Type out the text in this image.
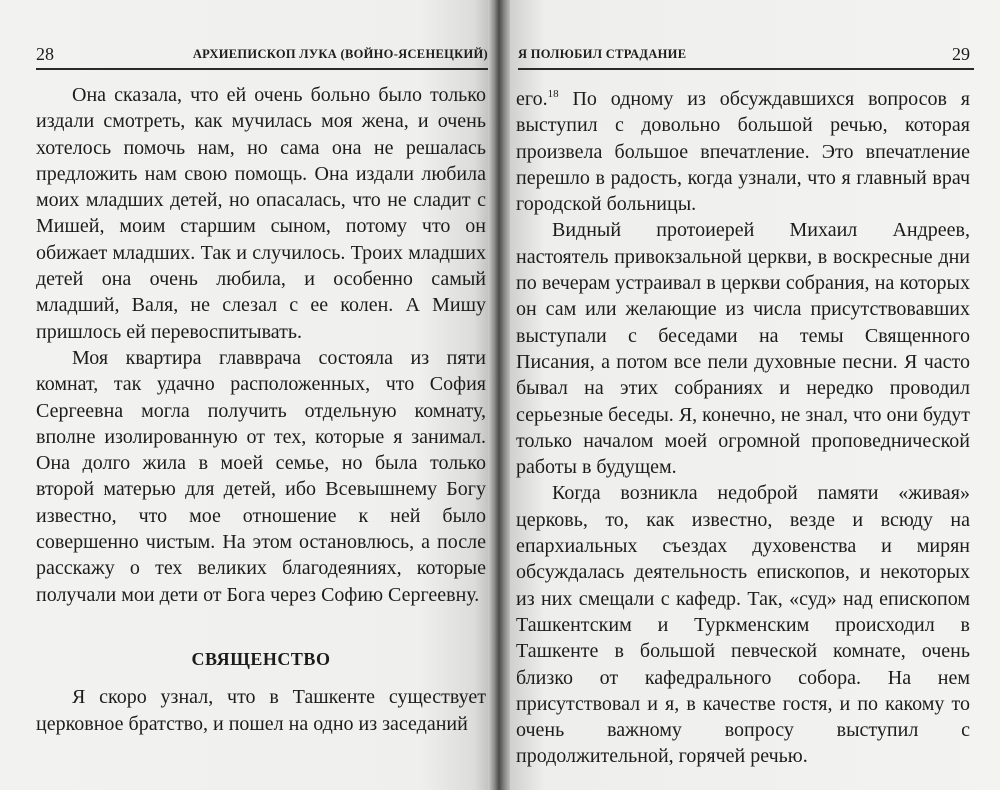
28	АРХИЕПИСКОП ЛУКА (ВОЙНО-ЯСЕНЕЦКИЙ)

Она сказала, что ей очень больно было только издали смотреть, как мучилась моя жена, и очень хотелось помочь нам, но сама она не решалась предложить нам свою помощь. Она издали любила моих младших детей, но опасалась, что не сладит с Мишей, моим старшим сыном, потому что он обижает младших. Так и случилось. Троих младших детей она очень любила, и особенно самый младший, Валя, не слезал с ее колен. А Мишу пришлось ей перевоспитывать.

Моя квартира главврача состояла из пяти комнат, так удачно расположенных, что София Сергеевна могла получить отдельную комнату, вполне изолированную от тех, которые я занимал. Она долго жила в моей семье, но была только второй матерью для детей, ибо Всевышнему Богу известно, что мое отношение к ней было совершенно чистым. На этом остановлюсь, а после расскажу о тех великих благодеяниях, которые получали мои дети от Бога через Софию Сергеевну.

СВЯЩЕНСТВО

Я скоро узнал, что в Ташкенте существует церковное братство, и пошел на одно из заседаний

Я ПОЛЮБИЛ СТРАДАНИЕ	29

его.$^{18}$ По одному из обсуждавшихся вопросов я выступил с довольно большой речью, которая произвела большое впечатление. Это впечатление перешло в радость, когда узнали, что я главный врач городской больницы.

Видный протоиерей Михаил Андреев, настоятель привокзальной церкви, в воскресные дни по вечерам устраивал в церкви собрания, на которых он сам или желающие из числа присутствовавших выступали с беседами на темы Священного Писания, а потом все пели духовные песни. Я часто бывал на этих собраниях и нередко проводил серьезные беседы. Я, конечно, не знал, что они будут только началом моей огромной проповеднической работы в будущем.

Когда возникла недоброй памяти «живая» церковь, то, как известно, везде и всюду на епархиальных съездах духовенства и мирян обсуждалась деятельность епископов, и некоторых из них смещали с кафедр. Так, «суд» над епископом Ташкентским и Туркменским происходил в Ташкенте в большой певческой комнате, очень близко от кафедрального собора. На нем присутствовал и я, в качестве гостя, и по какому то очень важному вопросу выступил с продолжительной, горячей речью.
